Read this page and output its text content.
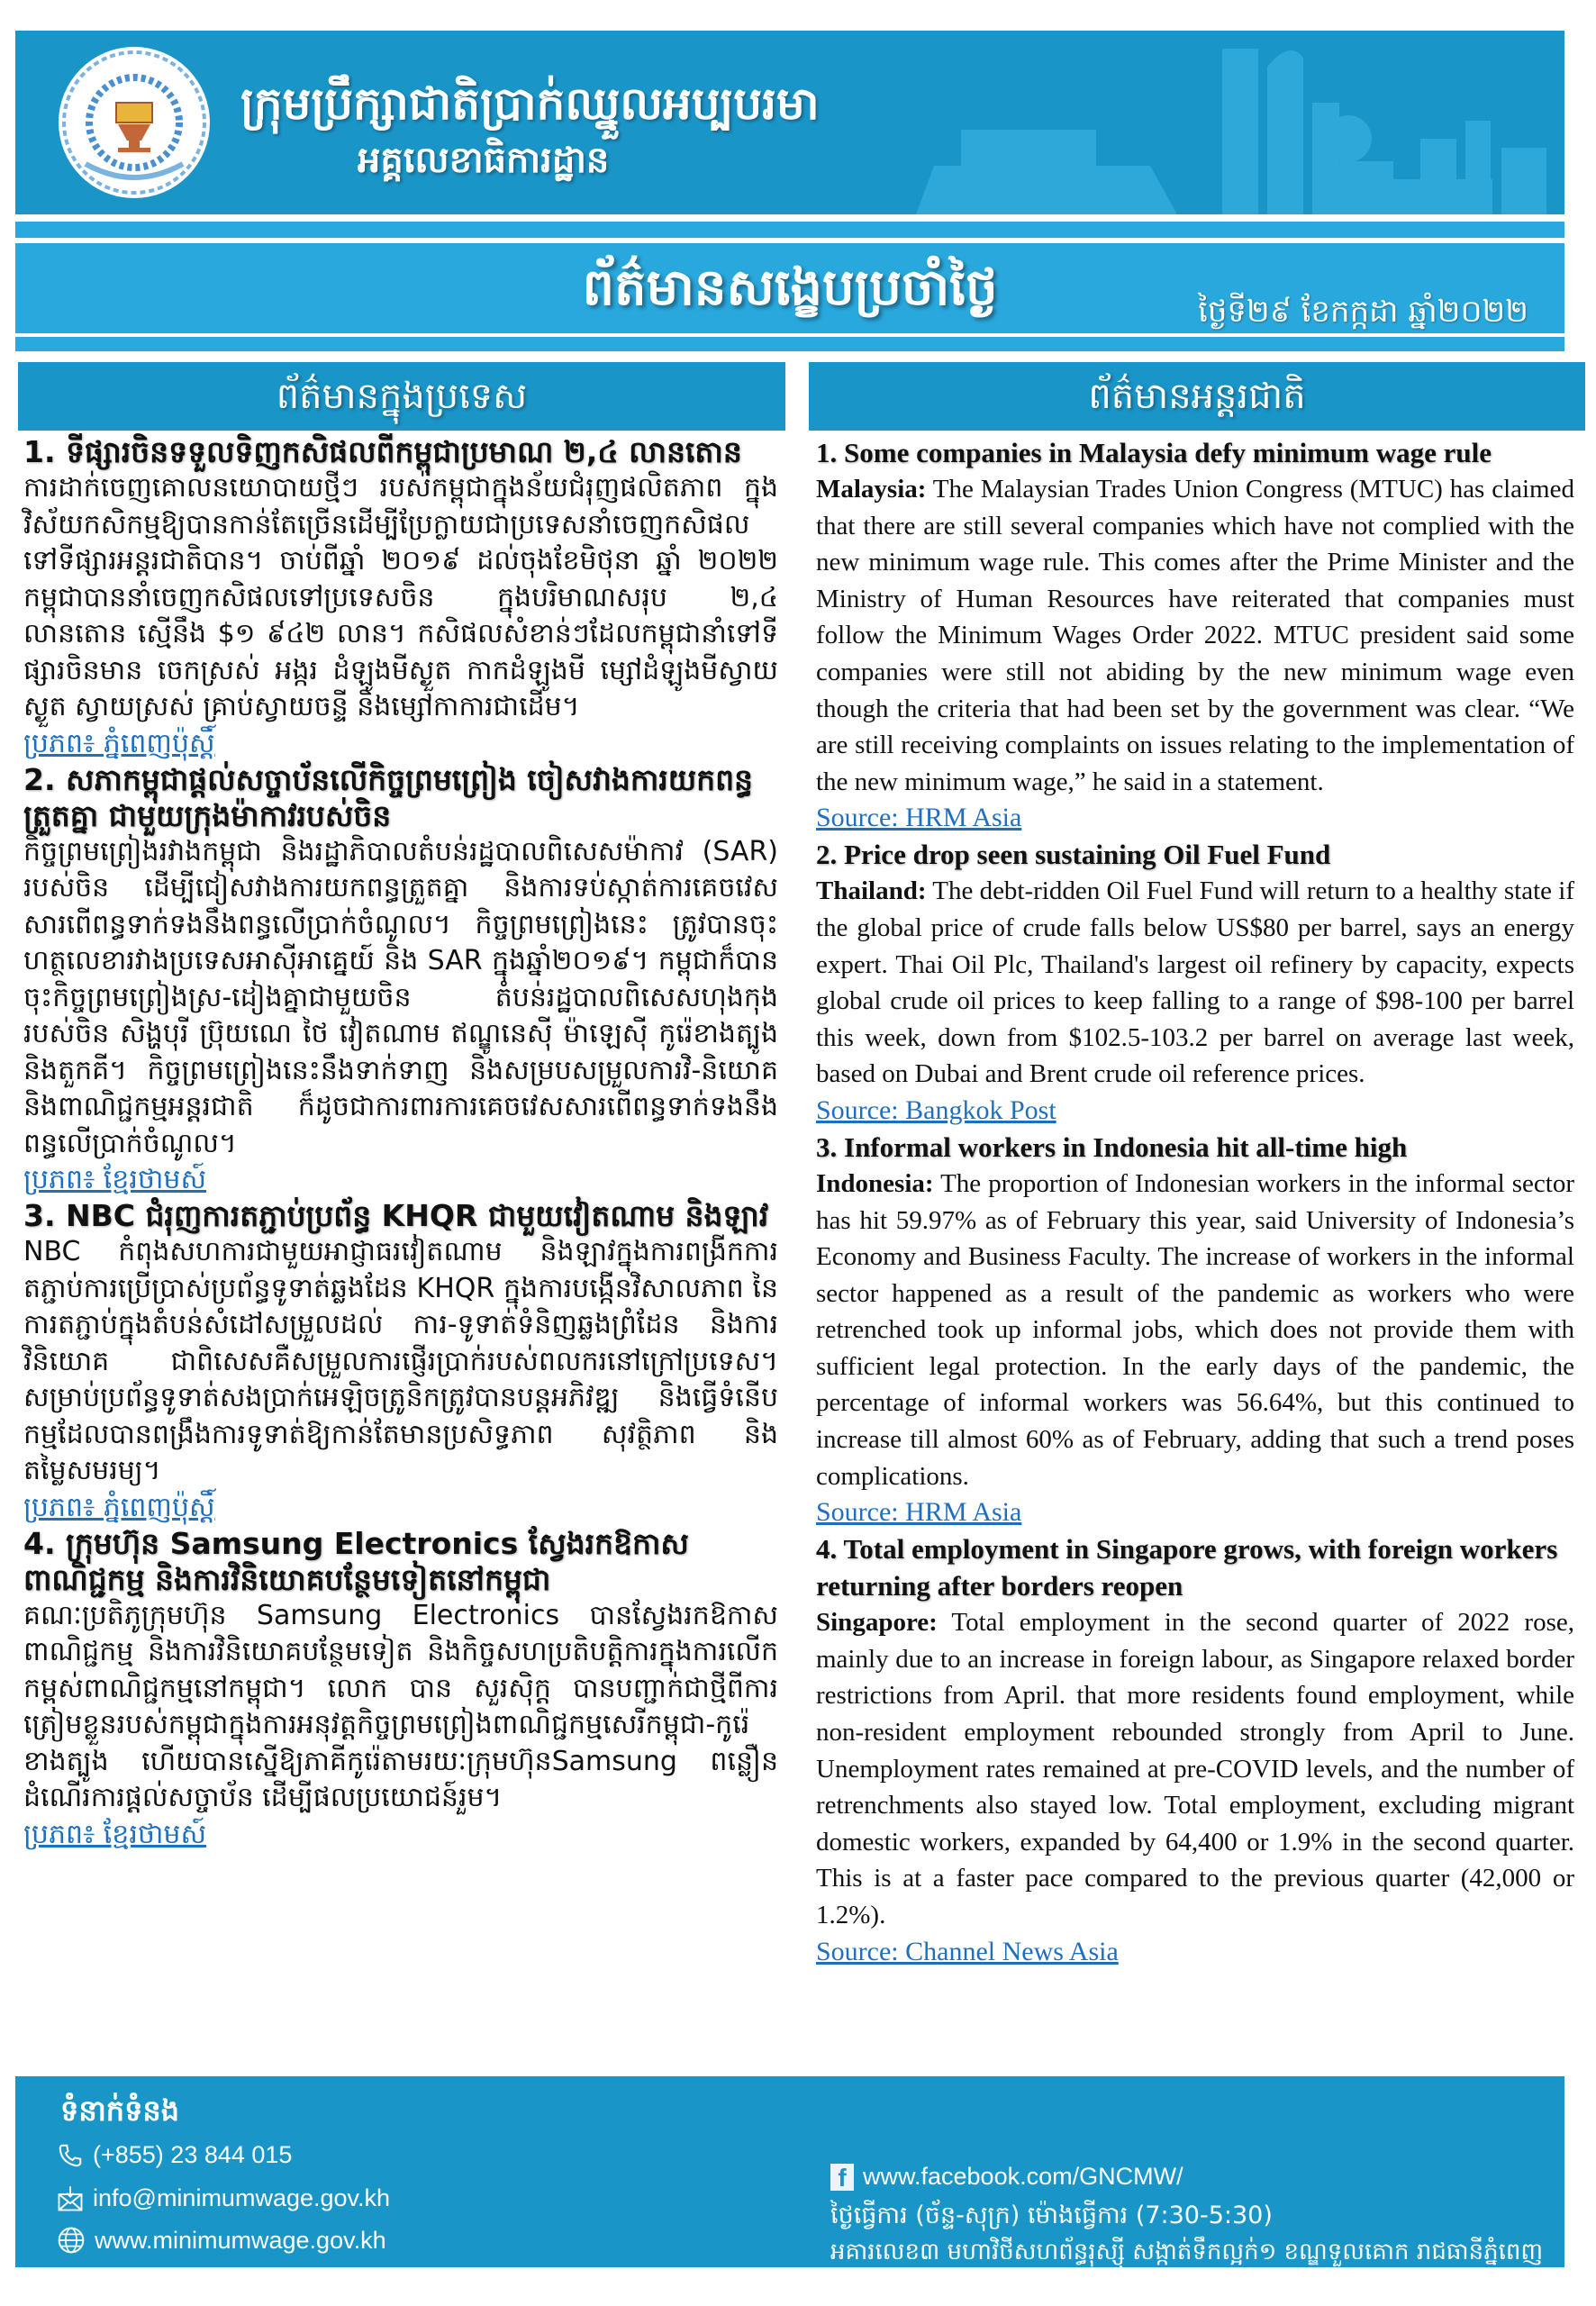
ក្រុមប្រឹក្សាជាតិប្រាក់ឈ្នួលអប្បបរមា
អគ្គលេខាធិការដ្ឋាន
ព័ត៌មានសង្ខេបប្រចាំថ្ងៃ	ថ្ងៃទី២៩ ខែកក្កដា ឆ្នាំ២០២២
ព័ត៌មានក្នុងប្រទេស	ព័ត៌មានអន្តរជាតិ
1. ទីផ្សារចិនទទួលទិញកសិផលពីកម្ពុជាប្រមាណ ២,៤ លានតោន

ការដាក់ចេញគោលនយោបាយថ្មីៗ របស់កម្ពុជាក្នុងន័យជំរុញផលិតភាព ក្នុងវិស័យកសិកម្មឱ្យបានកាន់តែច្រើនដើម្បីប្រែក្លាយជាប្រទេសនាំចេញកសិផលទៅទីផ្សារអន្តរជាតិបាន។ ចាប់ពីឆ្នាំ ២០១៩ ដល់ចុងខែមិថុនា ឆ្នាំ ២០២២ កម្ពុជាបាននាំចេញកសិផលទៅប្រទេសចិន ក្នុងបរិមាណសរុប ២,៤ លានតោន ស្មើនឹង $១ ៩៤២ លាន។ កសិផលសំខាន់ៗដែលកម្ពុជានាំទៅទីផ្សារចិនមាន ចេកស្រស់ អង្ករ ដំឡូងមីស្ងួត កាកដំឡូងមី ម្សៅដំឡូងមីស្វាយស្ងួត ស្វាយស្រស់ គ្រាប់ស្វាយចន្ទី និងម្សៅកាការជាដើម។

ប្រភព៖ ភ្នំពេញប៉ុស្តិ៍
2. សភាកម្ពុជាផ្តល់សច្ចាប័នលើកិច្ចព្រមព្រៀង ចៀសវាងការយកពន្ធត្រួតគ្នា ជាមួយក្រុងម៉ាកាវរបស់ចិន

កិច្ចព្រមព្រៀងរវាងកម្ពុជា និងរដ្ឋាភិបាលតំបន់រដ្ឋបាលពិសេសម៉ាកាវ (SAR) របស់ចិន ដើម្បីជៀសវាងការយកពន្ធត្រួតគ្នា និងការទប់ស្កាត់ការគេចវេសសារពើពន្ធទាក់ទងនឹងពន្ធលើប្រាក់ចំណូល។ កិច្ចព្រមព្រៀងនេះ ត្រូវបានចុះហត្ថលេខារវាងប្រទេសអាស៊ីអាគ្នេយ៍ និង SAR ក្នុងឆ្នាំ២០១៩។ កម្ពុជាក៏បានចុះកិច្ចព្រមព្រៀងស្រ-ដៀងគ្នាជាមួយចិន តំបន់រដ្ឋបាលពិសេសហុងកុងរបស់ចិន សិង្ហបុរី ប្រ៊ុយណេ ថៃ វៀតណាម ឥណ្ឌូនេស៊ី ម៉ាឡេស៊ី កូរ៉េខាងត្បូង និងតួកគី។ កិច្ចព្រមព្រៀងនេះនឹងទាក់ទាញ និងសម្របសម្រួលការវិ-និយោគ និងពាណិជ្ជកម្មអន្តរជាតិ ក៏ដូចជាការពារការគេចវេសសារពើពន្ធទាក់ទងនឹងពន្ធលើប្រាក់ចំណូល។

ប្រភព៖ ខ្មែរថាមស៍
3. NBC ជំរុញការតភ្ជាប់ប្រព័ន្ធ KHQR ជាមួយវៀតណាម និងឡាវ

NBC កំពុងសហការជាមួយអាជ្ញាធរវៀតណាម និងឡាវក្នុងការពង្រីកការតភ្ជាប់ការប្រើប្រាស់ប្រព័ន្ធទូទាត់ឆ្លងដែន KHQR ក្នុងការបង្កើនវិសាលភាព នៃការតភ្ជាប់ក្នុងតំបន់សំដៅសម្រួលដល់ ការ-ទូទាត់ទំនិញឆ្លងព្រំដែន និងការវិនិយោគ ជាពិសេសគឺសម្រួលការផ្ញើរប្រាក់របស់ពលករនៅក្រៅប្រទេស។ សម្រាប់ប្រព័ន្ធទូទាត់សងប្រាក់អេឡិចត្រូនិកត្រូវបានបន្តអភិវឌ្ឍ និងធ្វើទំនើបកម្មដែលបានពង្រឹងការទូទាត់ឱ្យកាន់តែមានប្រសិទ្ធភាព សុវត្ថិភាព និងតម្លៃសមរម្យ។

ប្រភព៖ ភ្នំពេញប៉ុស្តិ៍
4. ក្រុមហ៊ុន Samsung Electronics ស្វែងរកឱកាសពាណិជ្ជកម្ម និងការវិនិយោគបន្ថែមទៀតនៅកម្ពុជា

គណៈប្រតិភូក្រុមហ៊ុន Samsung Electronics បានស្វែងរកឱកាសពាណិជ្ជកម្ម និងការវិនិយោគបន្ថែមទៀត និងកិច្ចសហប្រតិបត្តិការក្នុងការលើកកម្ពស់ពាណិជ្ជកម្មនៅកម្ពុជា។ លោក បាន សួរស៊ិក្ដ បានបញ្ជាក់ជាថ្មីពីការត្រៀមខ្លួនរបស់កម្ពុជាក្នុងការអនុវត្តកិច្ចព្រមព្រៀងពាណិជ្ជកម្មសេរីកម្ពុជា-កូរ៉េខាងត្បូង ហើយបានស្នើឱ្យភាគីកូរ៉េតាមរយៈក្រុមហ៊ុនSamsung ពន្លឿនដំណើរការផ្តល់សច្ចាប័ន ដើម្បីផលប្រយោជន៍រួម។

ប្រភព៖ ខ្មែរថាមស៍
1. Some companies in Malaysia defy minimum wage rule

Malaysia: The Malaysian Trades Union Congress (MTUC) has claimed that there are still several companies which have not complied with the new minimum wage rule. This comes after the Prime Minister and the Ministry of Human Resources have reiterated that companies must follow the Minimum Wages Order 2022. MTUC president said some companies were still not abiding by the new minimum wage even though the criteria that had been set by the government was clear. “We are still receiving complaints on issues relating to the implementation of the new minimum wage,” he said in a statement.

Source: HRM Asia
2. Price drop seen sustaining Oil Fuel Fund

Thailand: The debt-ridden Oil Fuel Fund will return to a healthy state if the global price of crude falls below US$80 per barrel, says an energy expert. Thai Oil Plc, Thailand's largest oil refinery by capacity, expects global crude oil prices to keep falling to a range of $98-100 per barrel this week, down from $102.5-103.2 per barrel on average last week, based on Dubai and Brent crude oil reference prices.

Source: Bangkok Post
3. Informal workers in Indonesia hit all-time high

Indonesia: The proportion of Indonesian workers in the informal sector has hit 59.97% as of February this year, said University of Indonesia’s Economy and Business Faculty. The increase of workers in the informal sector happened as a result of the pandemic as workers who were retrenched took up informal jobs, which does not provide them with sufficient legal protection. In the early days of the pandemic, the percentage of informal workers was 56.64%, but this continued to increase till almost 60% as of February, adding that such a trend poses complications.

Source: HRM Asia
4. Total employment in Singapore grows, with foreign workers returning after borders reopen

Singapore: Total employment in the second quarter of 2022 rose, mainly due to an increase in foreign labour, as Singapore relaxed border restrictions from April. that more residents found employment, while non-resident employment rebounded strongly from April to June. Unemployment rates remained at pre-COVID levels, and the number of retrenchments also stayed low. Total employment, excluding migrant domestic workers, expanded by 64,400 or 1.9% in the second quarter. This is at a faster pace compared to the previous quarter (42,000 or 1.2%).

Source: Channel News Asia
ទំនាក់ទំនង
(+855) 23 844 015
info@minimumwage.gov.kh
www.minimumwage.gov.kh
f www.facebook.com/GNCMW/
ថ្ងៃធ្វើការ (ច័ន្ទ-សុក្រ) ម៉ោងធ្វើការ (7:30-5:30)
អគារលេខ៣ មហាវិថីសហព័ន្ធរុស្ស៊ី សង្កាត់ទឹកល្អក់១ ខណ្ឌទួលគោក រាជធានីភ្នំពេញ
